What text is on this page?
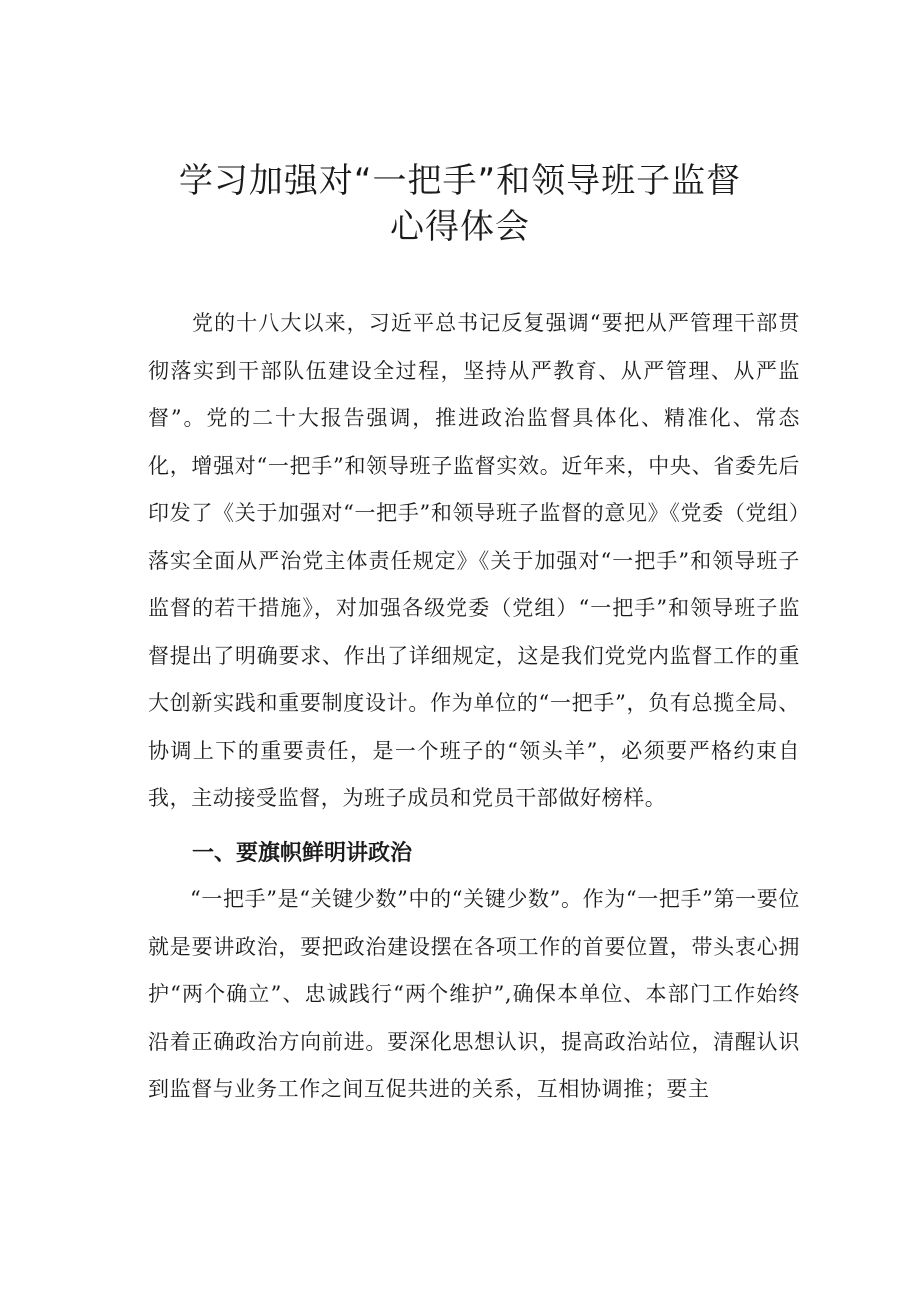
学习加强对“一把手”和领导班子监督
心得体会

党的十八大以来，习近平总书记反复强调“要把从严管理干部贯彻落实到干部队伍建设全过程，坚持从严教育、从严管理、从严监督”。党的二十大报告强调，推进政治监督具体化、精准化、常态化，增强对“一把手”和领导班子监督实效。近年来，中央、省委先后印发了《关于加强对“一把手”和领导班子监督的意见》《党委（党组）落实全面从严治党主体责任规定》《关于加强对“一把手”和领导班子监督的若干措施》，对加强各级党委（党组）“一把手”和领导班子监督提出了明确要求、作出了详细规定，这是我们党党内监督工作的重大创新实践和重要制度设计。作为单位的“一把手”，负有总揽全局、协调上下的重要责任，是一个班子的“领头羊”，必须要严格约束自我，主动接受监督，为班子成员和党员干部做好榜样。

一、要旗帜鲜明讲政治

“一把手”是“关键少数”中的“关键少数”。作为“一把手”第一要位就是要讲政治，要把政治建设摆在各项工作的首要位置，带头衷心拥护“两个确立”、忠诚践行“两个维护”,确保本单位、本部门工作始终沿着正确政治方向前进。要深化思想认识，提高政治站位，清醒认识到监督与业务工作之间互促共进的关系，互相协调推；要主
